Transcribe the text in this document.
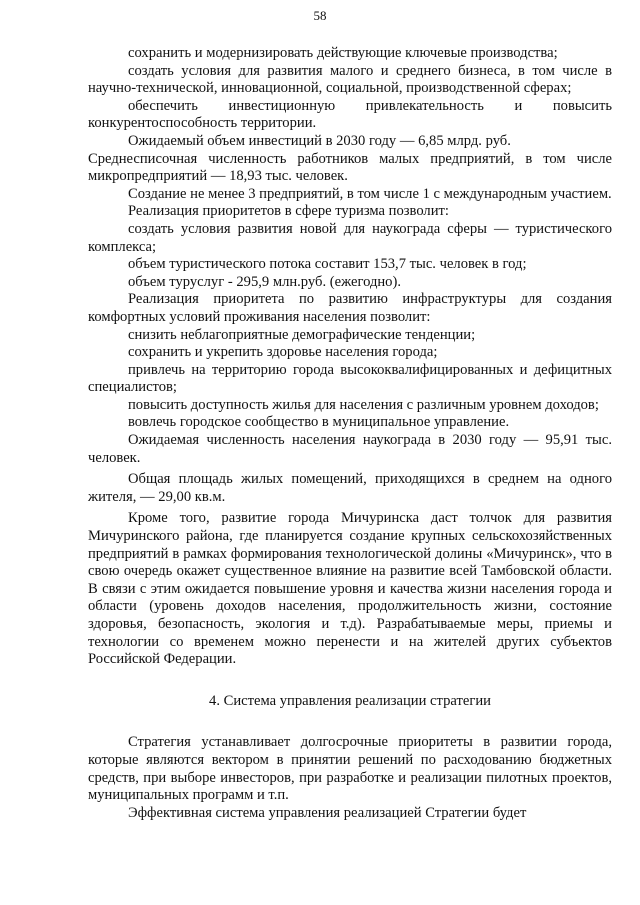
58

сохранить и модернизировать действующие ключевые производства;

создать условия для развития малого и среднего бизнеса, в том числе в научно-технической, инновационной, социальной, производственной сферах;

обеспечить инвестиционную привлекательность и повысить конкурентоспособность территории.

Ожидаемый объем инвестиций в 2030 году — 6,85 млрд. руб.

Среднесписочная численность работников малых предприятий, в том числе микропредприятий — 18,93 тыс. человек.

Создание не менее 3 предприятий, в том числе 1 с международным участием.

Реализация приоритетов в сфере туризма позволит:

создать условия развития новой для наукограда сферы — туристического комплекса;

объем туристического потока составит 153,7 тыс. человек в год;

объем туруслуг - 295,9 млн.руб. (ежегодно).

Реализация приоритета по развитию инфраструктуры для создания комфортных условий проживания населения позволит:

снизить неблагоприятные демографические тенденции;

сохранить и укрепить здоровье населения города;

привлечь на территорию города высококвалифицированных и дефицитных специалистов;

повысить доступность жилья для населения с различным уровнем доходов;

вовлечь городское сообщество в муниципальное управление.

Ожидаемая численность населения наукограда в 2030 году — 95,91 тыс. человек.

Общая площадь жилых помещений, приходящихся в среднем на одного жителя, — 29,00 кв.м.

Кроме того, развитие города Мичуринска даст толчок для развития Мичуринского района, где планируется создание крупных сельскохозяйственных предприятий в рамках формирования технологической долины «Мичуринск», что в свою очередь окажет существенное влияние на развитие всей Тамбовской области. В связи с этим ожидается повышение уровня и качества жизни населения города и области (уровень доходов населения, продолжительность жизни, состояние здоровья, безопасность, экология и т.д). Разрабатываемые меры, приемы и технологии со временем можно перенести и на жителей других субъектов Российской Федерации.

4. Система управления реализации стратегии

Стратегия устанавливает долгосрочные приоритеты в развитии города, которые являются вектором в принятии решений по расходованию бюджетных средств, при выборе инвесторов, при разработке и реализации пилотных проектов, муниципальных программ и т.п.

Эффективная система управления реализацией Стратегии будет
